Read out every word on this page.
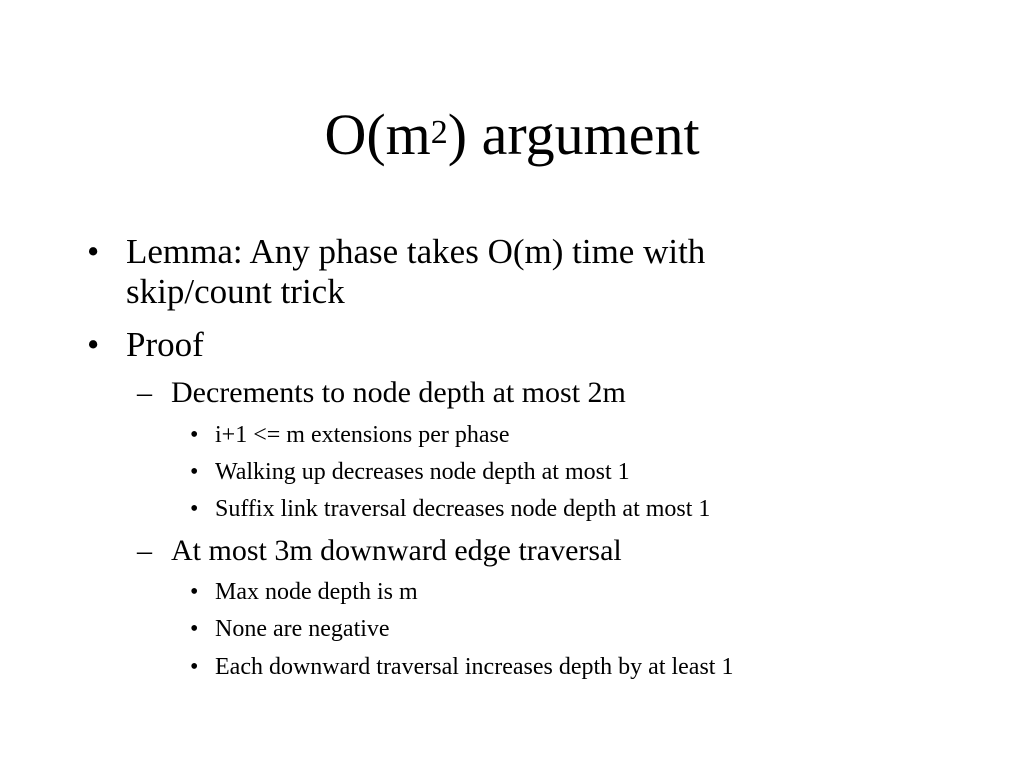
$O(m^2)$ argument
• Lemma: Any phase takes O(m) time with
skip/count trick
• Proof
– Decrements to node depth at most 2m
• i+1 <= m extensions per phase
• Walking up decreases node depth at most 1
• Suffix link traversal decreases node depth at most 1
– At most 3m downward edge traversal
• Max node depth is m
• None are negative
• Each downward traversal increases depth by at least 1
